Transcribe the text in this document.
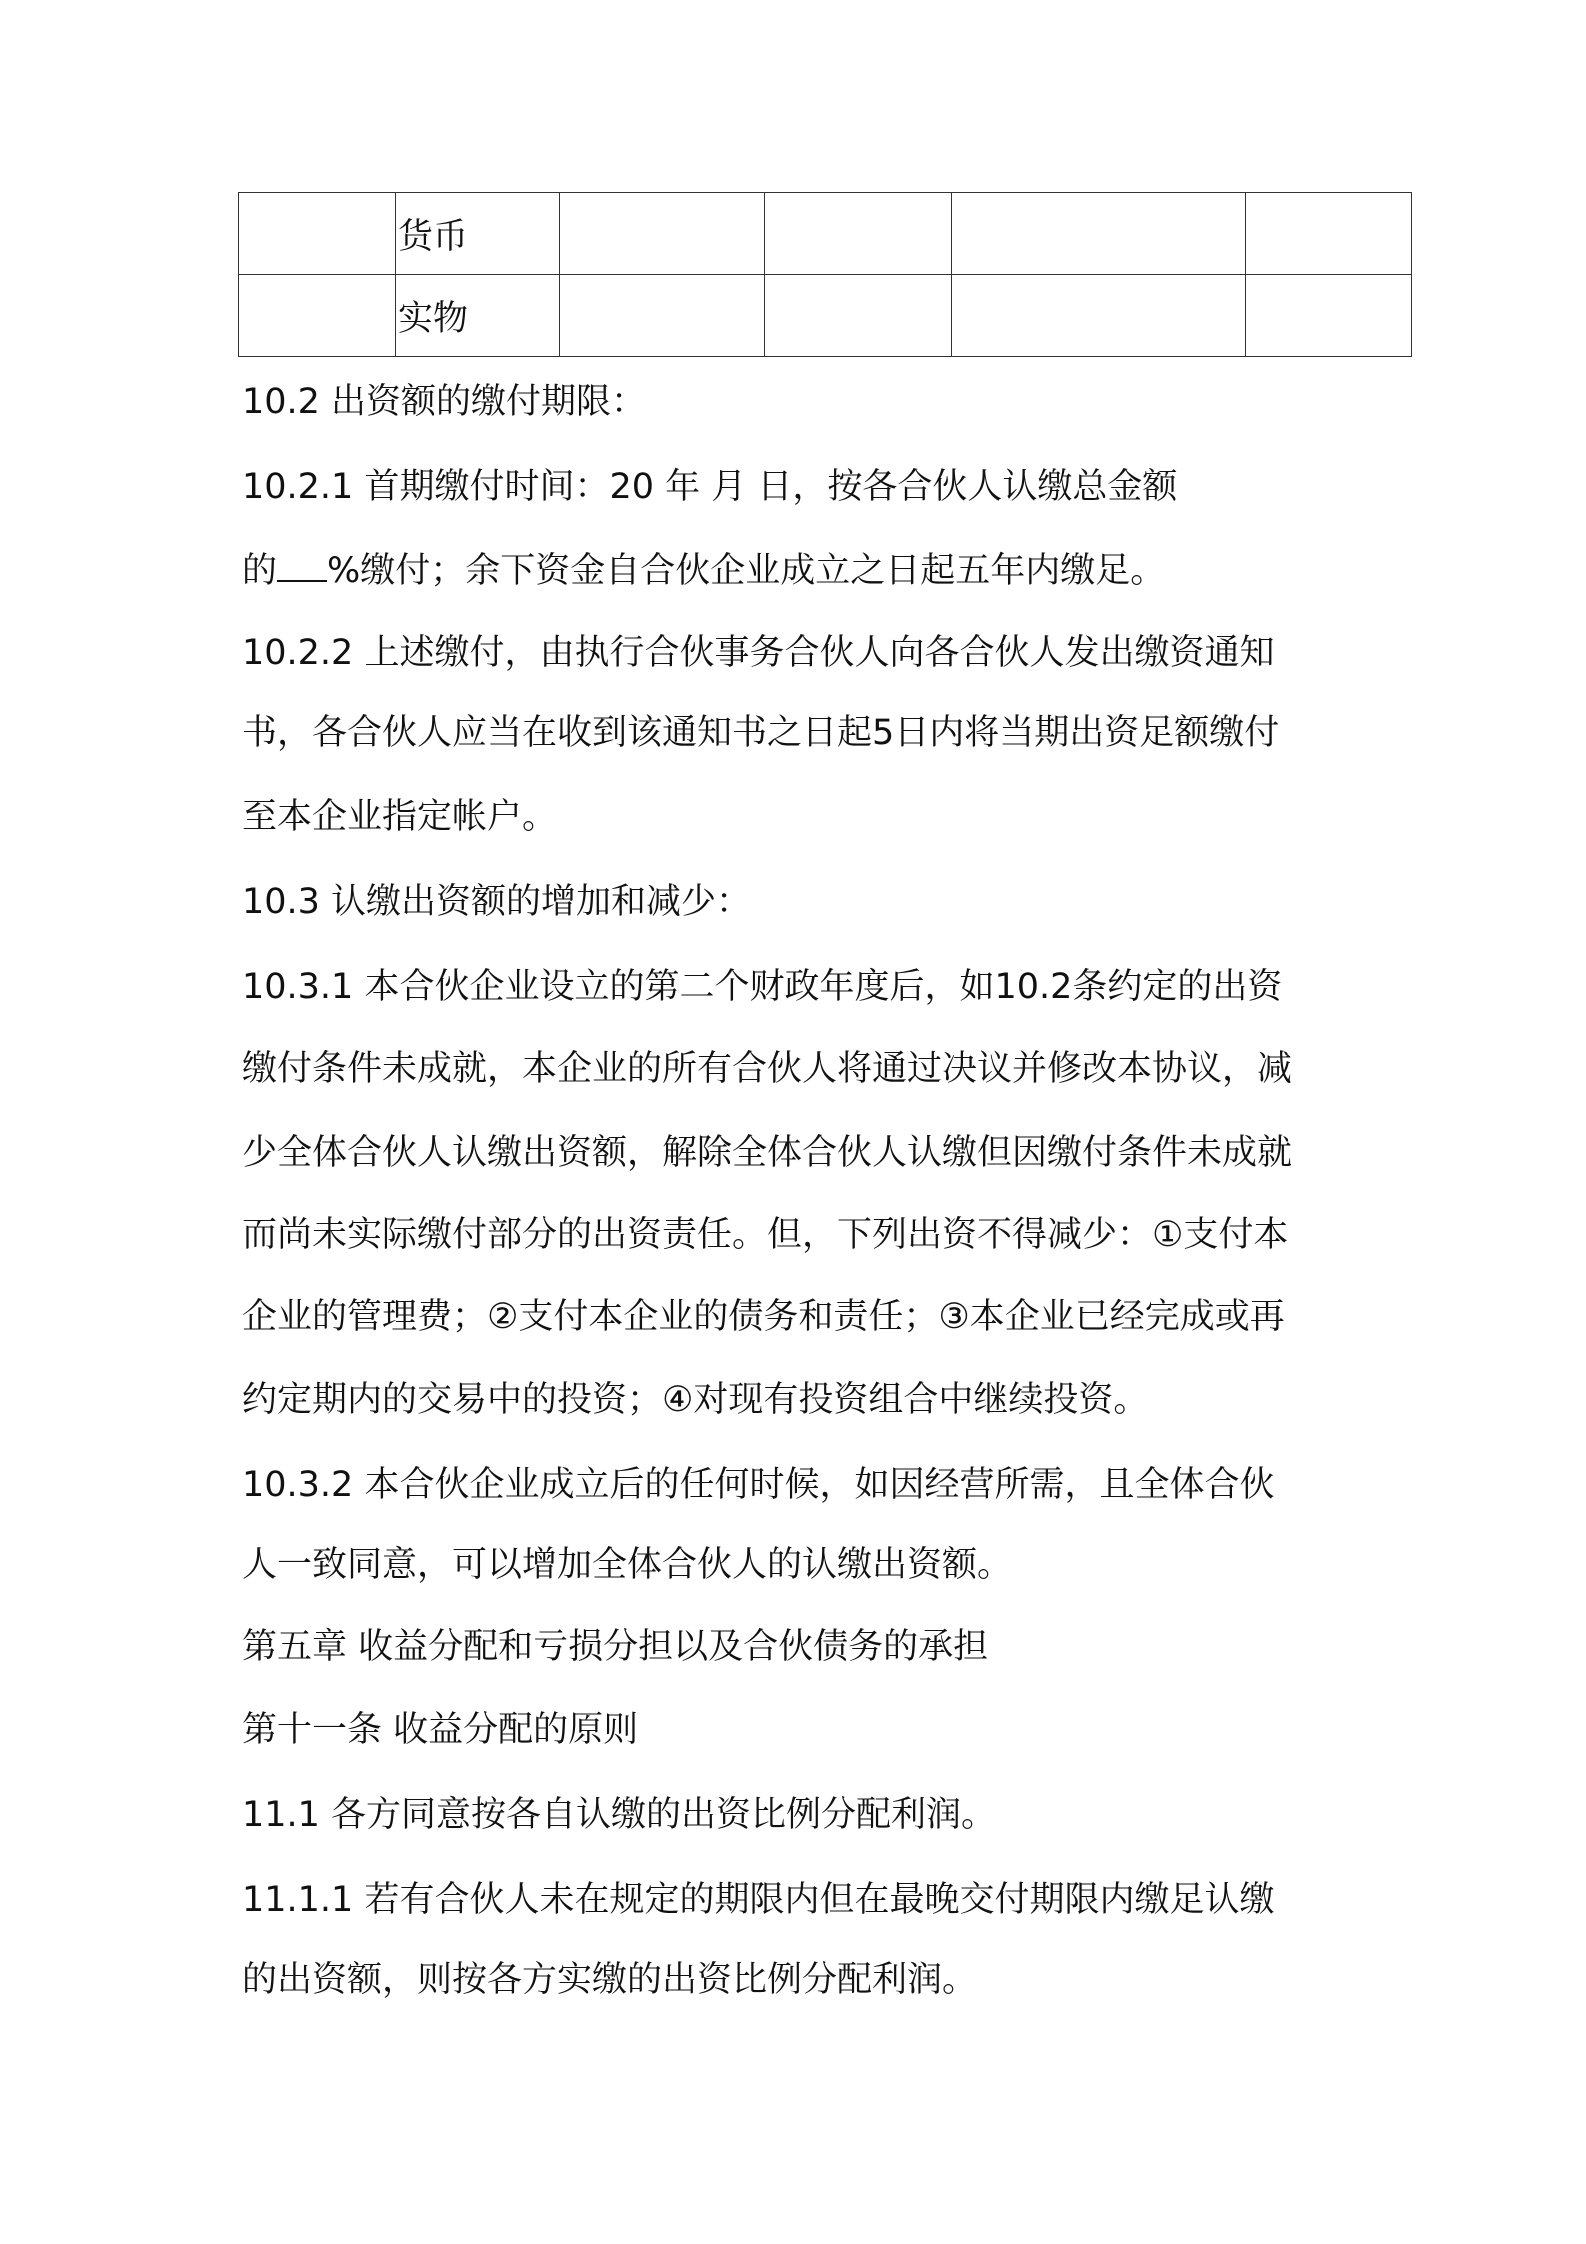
	货币				
	实物				
10.2 出资额的缴付期限：
10.2.1 首期缴付时间：20 年 月 日，按各合伙人认缴总金额
的 %缴付；余下资金自合伙企业成立之日起五年内缴足。
10.2.2 上述缴付，由执行合伙事务合伙人向各合伙人发出缴资通知
书，各合伙人应当在收到该通知书之日起5日内将当期出资足额缴付
至本企业指定帐户。
10.3 认缴出资额的增加和减少：
10.3.1 本合伙企业设立的第二个财政年度后，如10.2条约定的出资
缴付条件未成就，本企业的所有合伙人将通过决议并修改本协议，减
少全体合伙人认缴出资额，解除全体合伙人认缴但因缴付条件未成就
而尚未实际缴付部分的出资责任。但，下列出资不得减少：①支付本
企业的管理费；②支付本企业的债务和责任；③本企业已经完成或再
约定期内的交易中的投资；④对现有投资组合中继续投资。
10.3.2 本合伙企业成立后的任何时候，如因经营所需，且全体合伙
人一致同意，可以增加全体合伙人的认缴出资额。
第五章 收益分配和亏损分担以及合伙债务的承担
第十一条 收益分配的原则
11.1 各方同意按各自认缴的出资比例分配利润。
11.1.1 若有合伙人未在规定的期限内但在最晚交付期限内缴足认缴
的出资额，则按各方实缴的出资比例分配利润。
